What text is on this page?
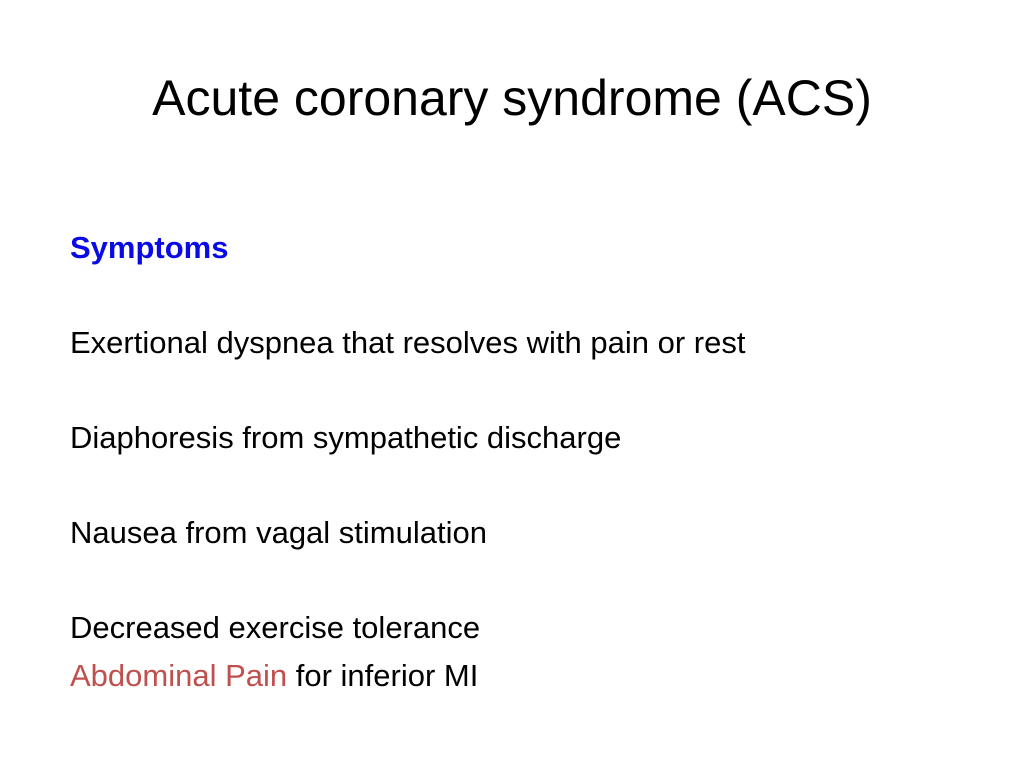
Acute coronary syndrome (ACS)
Symptoms
Exertional dyspnea that resolves with pain or rest
Diaphoresis from sympathetic discharge
Nausea from vagal stimulation
Decreased exercise tolerance
Abdominal Pain for inferior MI
